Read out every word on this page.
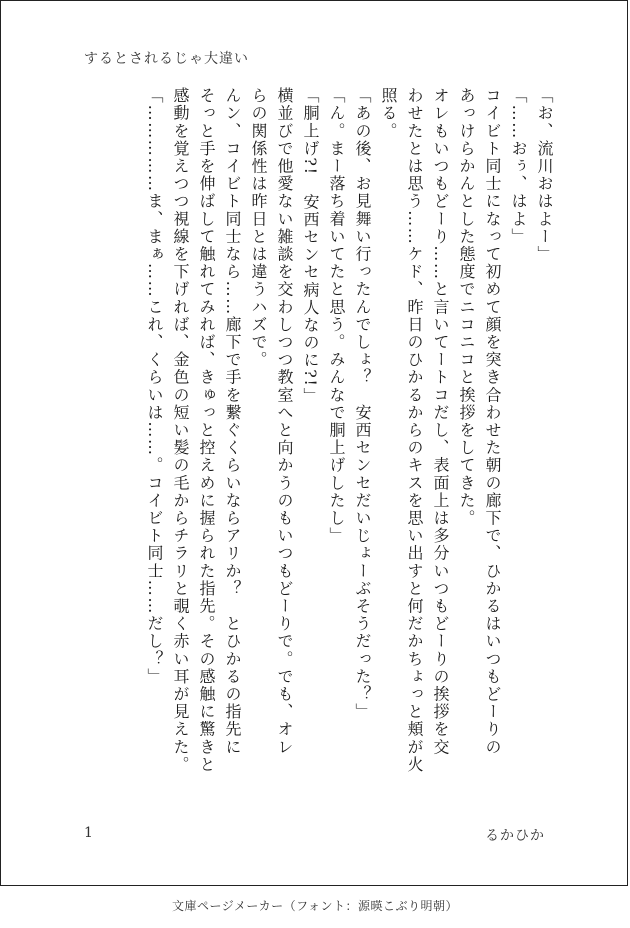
するとされるじゃ大違い

「お、流川おはよー」

「……おぅ、はよ」

コイビト同士になって初めて顔を突き合わせた朝の廊下で、ひかるはいつもどーりの

あっけらかんとした態度でニコニコと挨拶をしてきた。

オレもいつもどーり……と言いてートコだし、表面上は多分いつもどーりの挨拶を交

わせたとは思う……ケド、昨日のひかるからのキスを思い出すと何だかちょっと頬が火

照る。

「あの後、お見舞い行ったんでしょ？　安西センセだいじょーぶそうだった？」

「ん。まー落ち着いてたと思う。みんなで胴上げしたし」

「胴上げ?!　安西センセ病人なのに?!」

横並びで他愛ない雑談を交わしつつ教室へと向かうのもいつもどーりで。でも、オレ

らの関係性は昨日とは違うハズで。

んン、コイビト同士なら……廊下で手を繋ぐくらいならアリか？　とひかるの指先に

そっと手を伸ばして触れてみれば、きゅっと控えめに握られた指先。その感触に驚きと

感動を覚えつつ視線を下げれば、金色の短い髪の毛からチラリと覗く赤い耳が見えた。

「……………ま、まぁ……これ、くらいは……。コイビト同士……だし？」

1	るかひか
文庫ページメーカー（フォント：源暎こぶり明朝）
